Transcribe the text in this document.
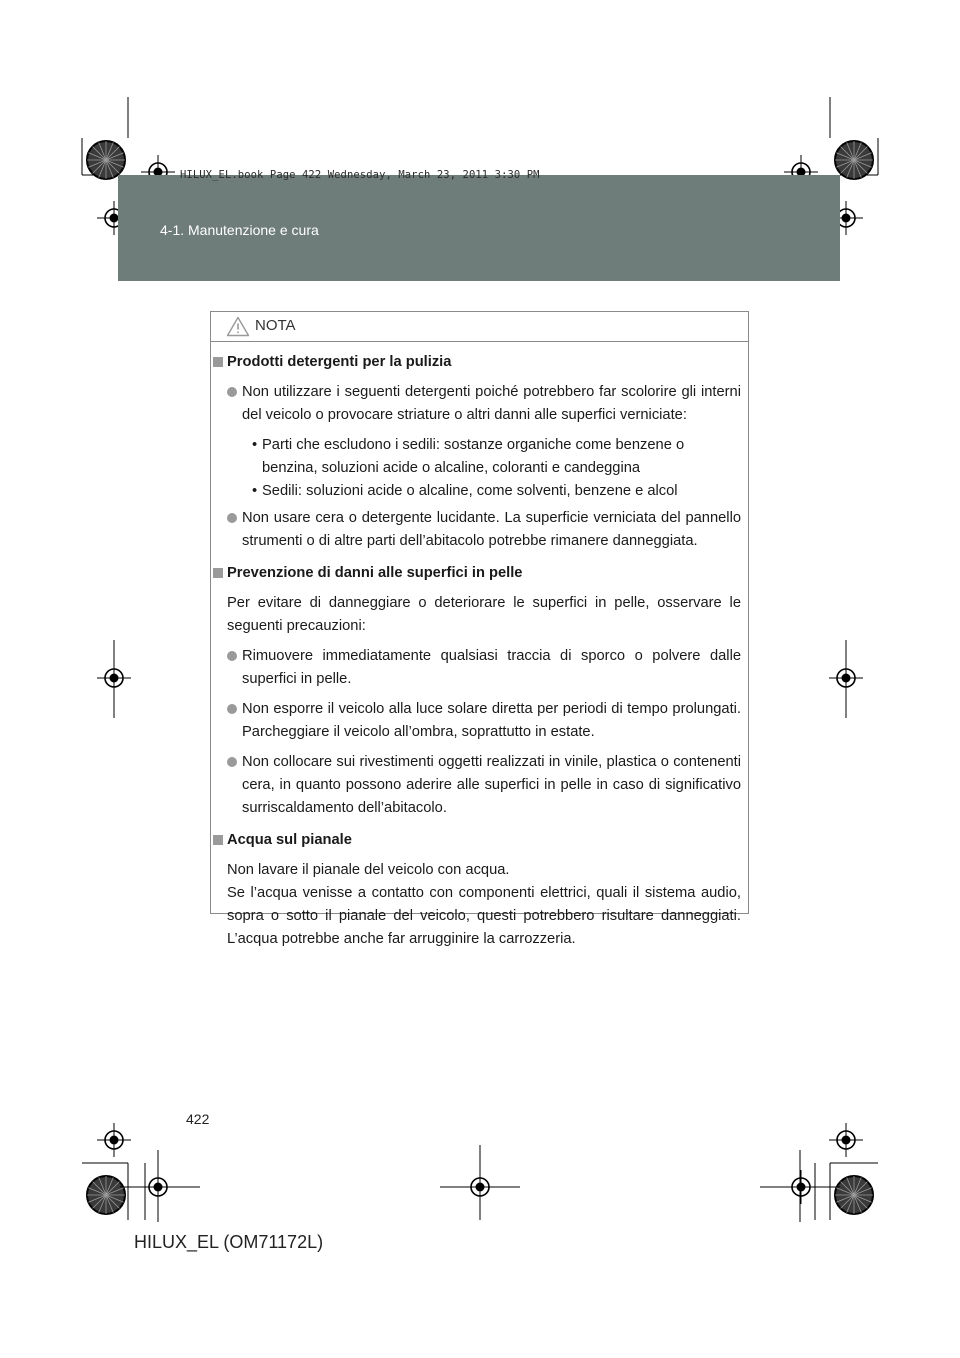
HILUX_EL.book Page 422 Wednesday, March 23, 2011 3:30 PM
4-1. Manutenzione e cura
NOTA
Prodotti detergenti per la pulizia
Non utilizzare i seguenti detergenti poiché potrebbero far scolorire gli interni del veicolo o provocare striature o altri danni alle superfici verniciate:
• Parti che escludono i sedili: sostanze organiche come benzene o benzina, soluzioni acide o alcaline, coloranti e candeggina
• Sedili: soluzioni acide o alcaline, come solventi, benzene e alcol
Non usare cera o detergente lucidante. La superficie verniciata del pannello strumenti o di altre parti dell’abitacolo potrebbe rimanere danneggiata.
Prevenzione di danni alle superfici in pelle
Per evitare di danneggiare o deteriorare le superfici in pelle, osservare le seguenti precauzioni:
Rimuovere immediatamente qualsiasi traccia di sporco o polvere dalle superfici in pelle.
Non esporre il veicolo alla luce solare diretta per periodi di tempo prolungati. Parcheggiare il veicolo all’ombra, soprattutto in estate.
Non collocare sui rivestimenti oggetti realizzati in vinile, plastica o contenenti cera, in quanto possono aderire alle superfici in pelle in caso di significativo surriscaldamento dell’abitacolo.
Acqua sul pianale
Non lavare il pianale del veicolo con acqua.
Se l’acqua venisse a contatto con componenti elettrici, quali il sistema audio, sopra o sotto il pianale del veicolo, questi potrebbero risultare danneggiati. L’acqua potrebbe anche far arrugginire la carrozzeria.
422
HILUX_EL (OM71172L)
